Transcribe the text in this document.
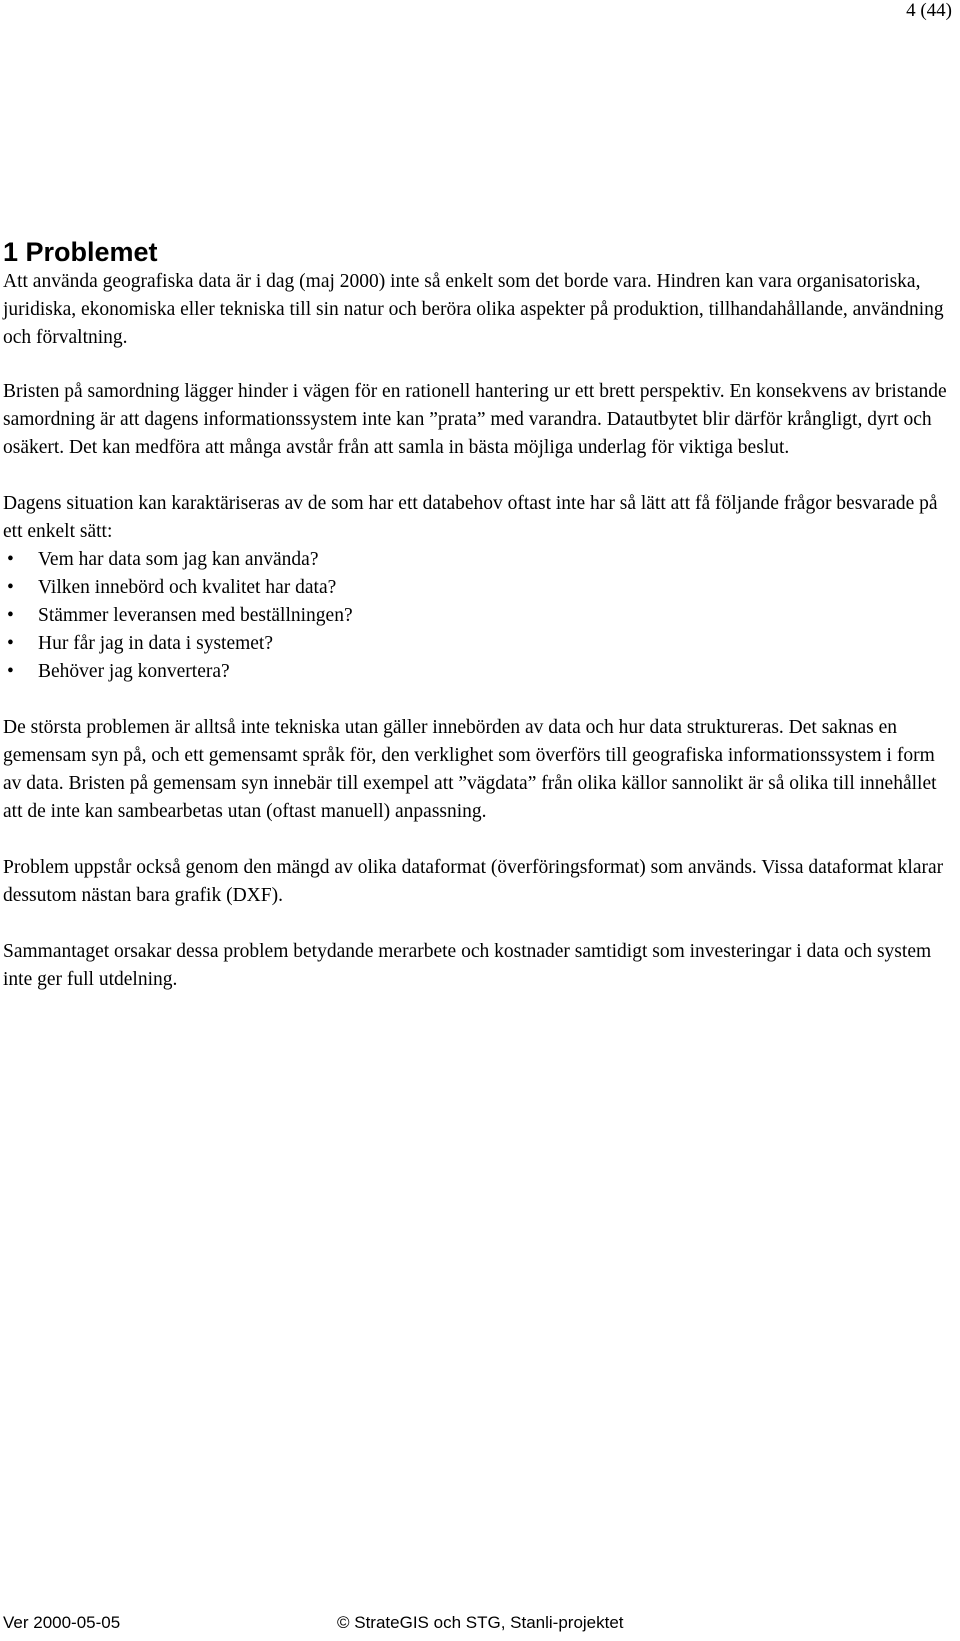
4 (44)
1 Problemet

Att använda geografiska data är i dag (maj 2000) inte så enkelt som det borde vara. Hindren kan vara organisatoriska, juridiska, ekonomiska eller tekniska till sin natur och beröra olika aspekter på produktion, tillhandahållande, användning och förvaltning.

Bristen på samordning lägger hinder i vägen för en rationell hantering ur ett brett perspektiv. En konsekvens av bristande samordning är att dagens informationssystem inte kan ”prata” med varandra. Datautbytet blir därför krångligt, dyrt och osäkert. Det kan medföra att många avstår från att samla in bästa möjliga underlag för viktiga beslut.

Dagens situation kan karaktäriseras av de som har ett databehov oftast inte har så lätt att få följande frågor besvarade på ett enkelt sätt:

• Vem har data som jag kan använda?
• Vilken innebörd och kvalitet har data?
• Stämmer leveransen med beställningen?
• Hur får jag in data i systemet?
• Behöver jag konvertera?

De största problemen är alltså inte tekniska utan gäller innebörden av data och hur data struktureras. Det saknas en gemensam syn på, och ett gemensamt språk för, den verklighet som överförs till geografiska informationssystem i form av data. Bristen på gemensam syn innebär till exempel att ”vägdata” från olika källor sannolikt är så olika till innehållet att de inte kan sambearbetas utan (oftast manuell) anpassning.

Problem uppstår också genom den mängd av olika dataformat (överföringsformat) som används. Vissa dataformat klarar dessutom nästan bara grafik (DXF).

Sammantaget orsakar dessa problem betydande merarbete och kostnader samtidigt som investeringar i data och system inte ger full utdelning.

Ver 2000-05-05	© StrateGIS och STG, Stanli-projektet
